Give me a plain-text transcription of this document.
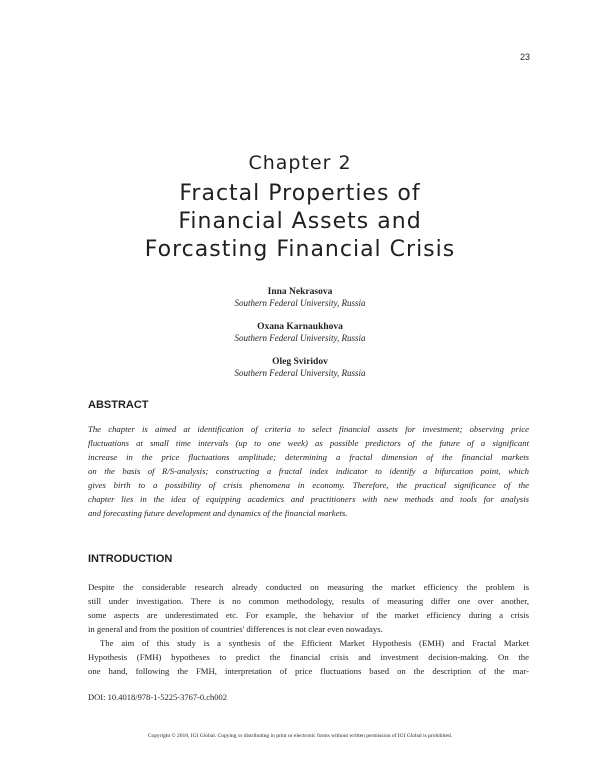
23
Chapter 2
Fractal Properties of
Financial Assets and
Forcasting Financial Crisis
Inna Nekrasova
Southern Federal University, Russia
Oxana Karnaukhova
Southern Federal University, Russia
Oleg Sviridov
Southern Federal University, Russia
ABSTRACT
The chapter is aimed at identification of criteria to select financial assets for investment; observing price
fluctuations at small time intervals (up to one week) as possible predictors of the future of a significant
increase in the price fluctuations amplitude; determining a fractal dimension of the financial markets
on the basis of R/S-analysis; constructing a fractal index indicator to identify a bifurcation point, which
gives birth to a possibility of crisis phenomena in economy. Therefore, the practical significance of the
chapter lies in the idea of equipping academics and practitioners with new methods and tools for analysis
and forecasting future development and dynamics of the financial markets.
INTRODUCTION
Despite the considerable research already conducted on measuring the market efficiency the problem is
still under investigation. There is no common methodology, results of measuring differ one over another,
some aspects are underestimated etc. For example, the behavior of the market efficiency during a crisis
in general and from the position of countries' differences is not clear even nowadays.
The aim of this study is a synthesis of the Efficient Market Hypothesis (EMH) and Fractal Market
Hypothesis (FMH) hypotheses to predict the financial crisis and investment decision-making. On the
one hand, following the FMH, interpretation of price fluctuations based on the description of the mar-
DOI: 10.4018/978-1-5225-3767-0.ch002
Copyright © 2018, IGI Global. Copying or distributing in print or electronic forms without written permission of IGI Global is prohibited.
